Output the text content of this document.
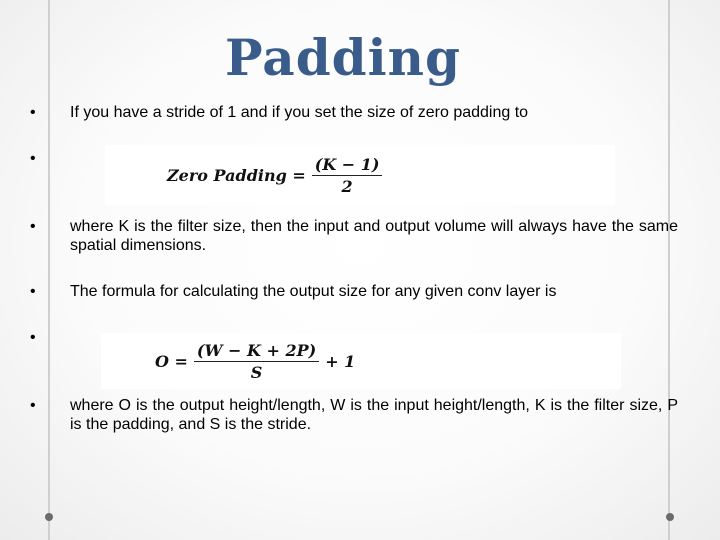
Padding
• If you have a stride of 1 and if you set the size of zero padding to
•
Zero Padding = $\frac{(K - 1)}{2}$
• where K is the filter size, then the input and output volume will always have the same spatial dimensions.
• The formula for calculating the output size for any given conv layer is
•
$O = \frac{(W - K + 2P)}{S} + 1$
• where O is the output height/length, W is the input height/length, K is the filter size, P is the padding, and S is the stride.
